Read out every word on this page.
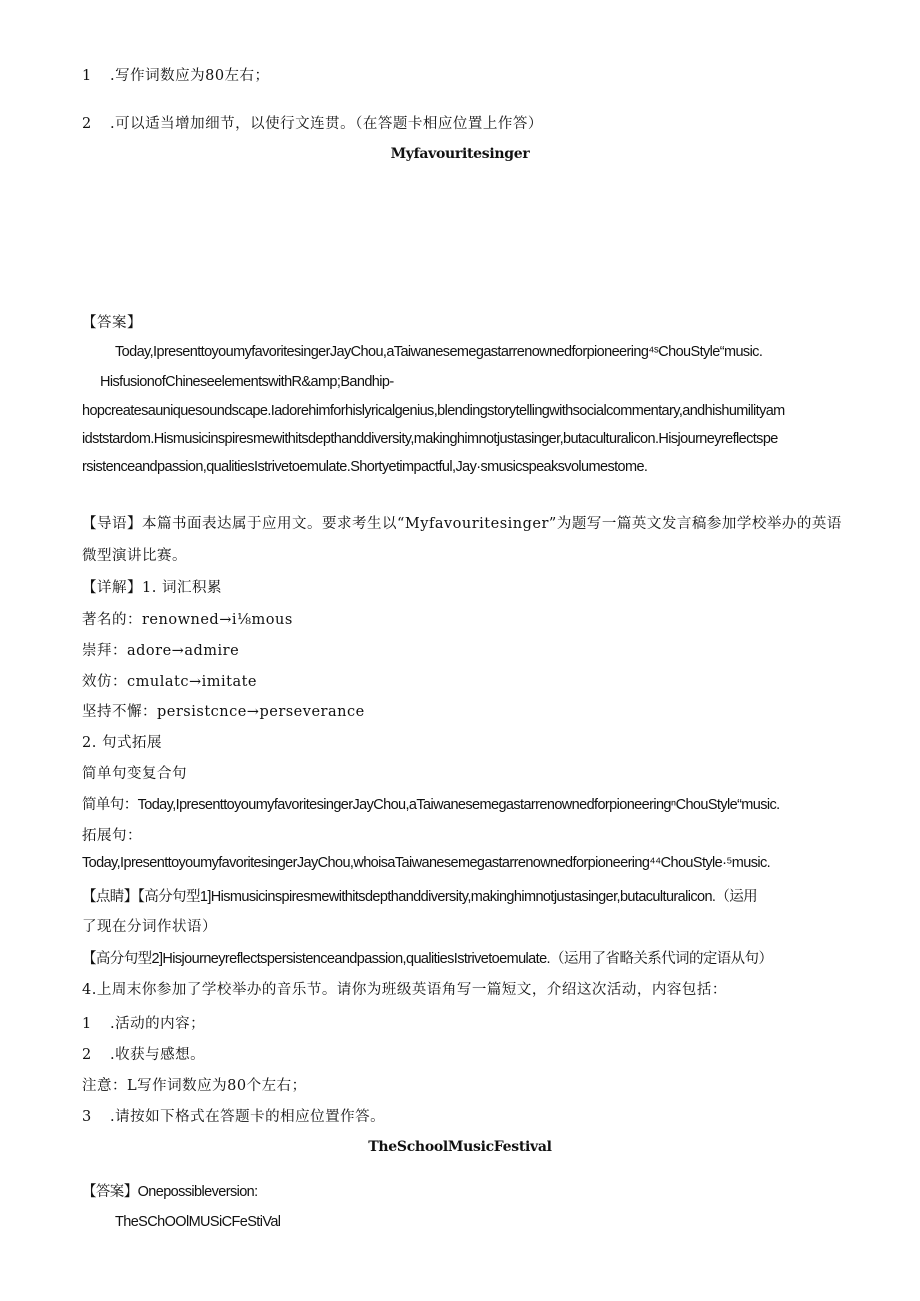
1 .写作词数应为80左右；
2 .可以适当增加细节，以使行文连贯。（在答题卡相应位置上作答）
Myfavouritesinger
【答案】
Today,IpresenttoyoumyfavoritesingerJayChou,aTaiwanesemegastarrenownedforpioneering⁴ˢChouStyle“music.
HisfusionofChineseelementswithR&amp;Bandhip-
hopcreatesauniquesoundscape.Iadorehimforhislyricalgenius,blendingstorytellingwithsocialcommentary,andhishumilityam
idststardom.Hismusicinspiresmewithitsdepthanddiversity,makinghimnotjustasinger,butaculturalicon.Hisjourneyreflectspe
rsistenceandpassion,qualitiesIstrivetoemulate.Shortyetimpactful,Jay·smusicspeaksvolumestome.
【导语】本篇书面表达属于应用文。要求考生以“Myfavouritesinger”为题写一篇英文发言稿参加学校举办的英语
微型演讲比赛。
【详解】1. 词汇积累
著名的：renowned→i⅛mous
崇拜：adore→admire
效仿：cmulatc→imitate
坚持不懈：persistcnce→perseverance
2. 句式拓展
简单句变复合句
简单句：Today,IpresenttoyoumyfavoritesingerJayChou,aTaiwanesemegastarrenownedforpioneeringⁿChouStyle“music.
拓展句：
Today,IpresenttoyoumyfavoritesingerJayChou,whoisaTaiwanesemegastarrenownedforpioneering⁴⁴ChouStyle·⁵music.
【点睛】【高分句型1]Hismusicinspiresmewithitsdepthanddiversity,makinghimnotjustasinger,butaculturalicon.（运用
了现在分词作状语）
【高分句型2]Hisjourneyreflectspersistenceandpassion,qualitiesIstrivetoemulate.（运用了省略关系代词的定语从句）
4.上周末你参加了学校举办的音乐节。请你为班级英语角写一篇短文，介绍这次活动，内容包括：
1 .活动的内容；
2 .收获与感想。
注意：L写作词数应为80个左右；
3 .请按如下格式在答题卡的相应位置作答。
TheSchoolMusicFestival
【答案】Onepossibleversion:
TheSChOOlMUSiCFeStiVal
